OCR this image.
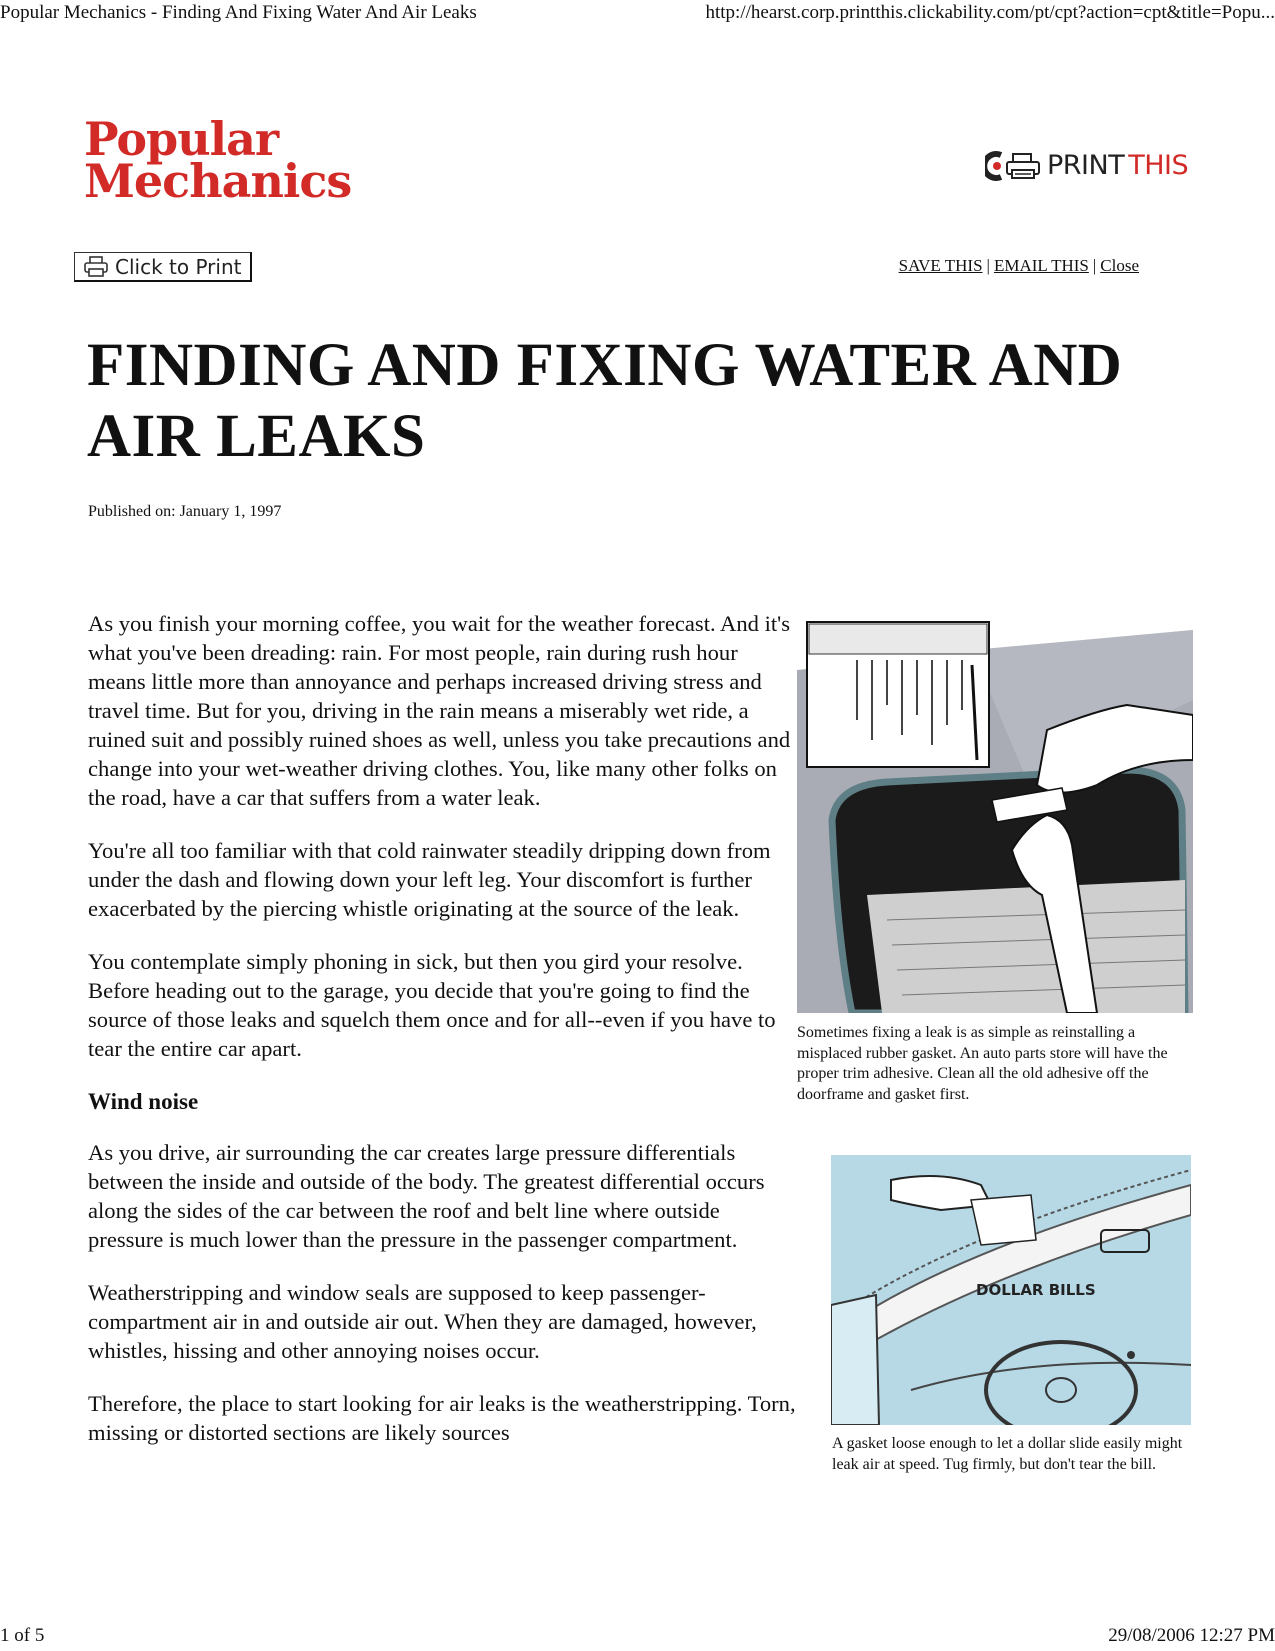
Popular Mechanics - Finding And Fixing Water And Air Leaks	http://hearst.corp.printthis.clickability.com/pt/cpt?action=cpt&title=Popu...
Popular
Mechanics	PRINT THIS
Click to Print	SAVE THIS | EMAIL THIS | Close
FINDING AND FIXING WATER AND AIR LEAKS
Published on: January 1, 1997

As you finish your morning coffee, you wait for the weather forecast. And it's what you've been dreading: rain. For most people, rain during rush hour means little more than annoyance and perhaps increased driving stress and travel time. But for you, driving in the rain means a miserably wet ride, a ruined suit and possibly ruined shoes as well, unless you take precautions and change into your wet-weather driving clothes. You, like many other folks on the road, have a car that suffers from a water leak.

You're all too familiar with that cold rainwater steadily dripping down from under the dash and flowing down your left leg. Your discomfort is further exacerbated by the piercing whistle originating at the source of the leak.

You contemplate simply phoning in sick, but then you gird your resolve. Before heading out to the garage, you decide that you're going to find the source of those leaks and squelch them once and for all--even if you have to tear the entire car apart.

Wind noise

As you drive, air surrounding the car creates large pressure differentials between the inside and outside of the body. The greatest differential occurs along the sides of the car between the roof and belt line where outside pressure is much lower than the pressure in the passenger compartment.

Weatherstripping and window seals are supposed to keep passenger-compartment air in and outside air out. When they are damaged, however, whistles, hissing and other annoying noises occur.

Therefore, the place to start looking for air leaks is the weatherstripping. Torn, missing or distorted sections are likely sources

Sometimes fixing a leak is as simple as reinstalling a misplaced rubber gasket. An auto parts store will have the proper trim adhesive. Clean all the old adhesive off the doorframe and gasket first.
DOLLAR BILLS
A gasket loose enough to let a dollar slide easily might leak air at speed. Tug firmly, but don't tear the bill.
1 of 5	29/08/2006 12:27 PM
